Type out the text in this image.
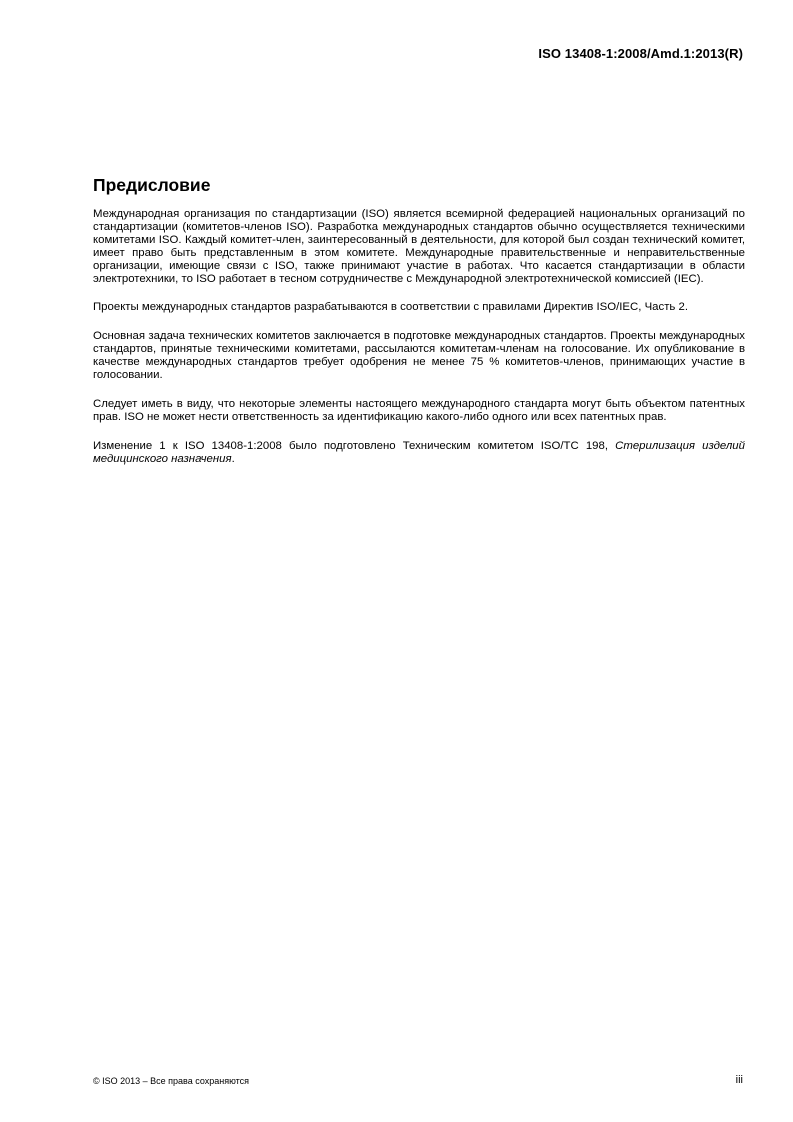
ISO 13408-1:2008/Amd.1:2013(R)
Предисловие

Международная организация по стандартизации (ISO) является всемирной федерацией национальных организаций по стандартизации (комитетов-членов ISO). Разработка международных стандартов обычно осуществляется техническими комитетами ISO. Каждый комитет-член, заинтересованный в деятельности, для которой был создан технический комитет, имеет право быть представленным в этом комитете. Международные правительственные и неправительственные организации, имеющие связи с ISO, также принимают участие в работах. Что касается стандартизации в области электротехники, то ISO работает в тесном сотрудничестве с Международной электротехнической комиссией (IEC).

Проекты международных стандартов разрабатываются в соответствии с правилами Директив ISO/IEC, Часть 2.

Основная задача технических комитетов заключается в подготовке международных стандартов. Проекты международных стандартов, принятые техническими комитетами, рассылаются комитетам-членам на голосование. Их опубликование в качестве международных стандартов требует одобрения не менее 75 % комитетов-членов, принимающих участие в голосовании.

Следует иметь в виду, что некоторые элементы настоящего международного стандарта могут быть объектом патентных прав. ISO не может нести ответственность за идентификацию какого-либо одного или всех патентных прав.

Изменение 1 к ISO 13408-1:2008 было подготовлено Техническим комитетом ISO/TC 198, Стерилизация изделий медицинского назначения.

© ISO 2013 – Все права сохраняются	iii
